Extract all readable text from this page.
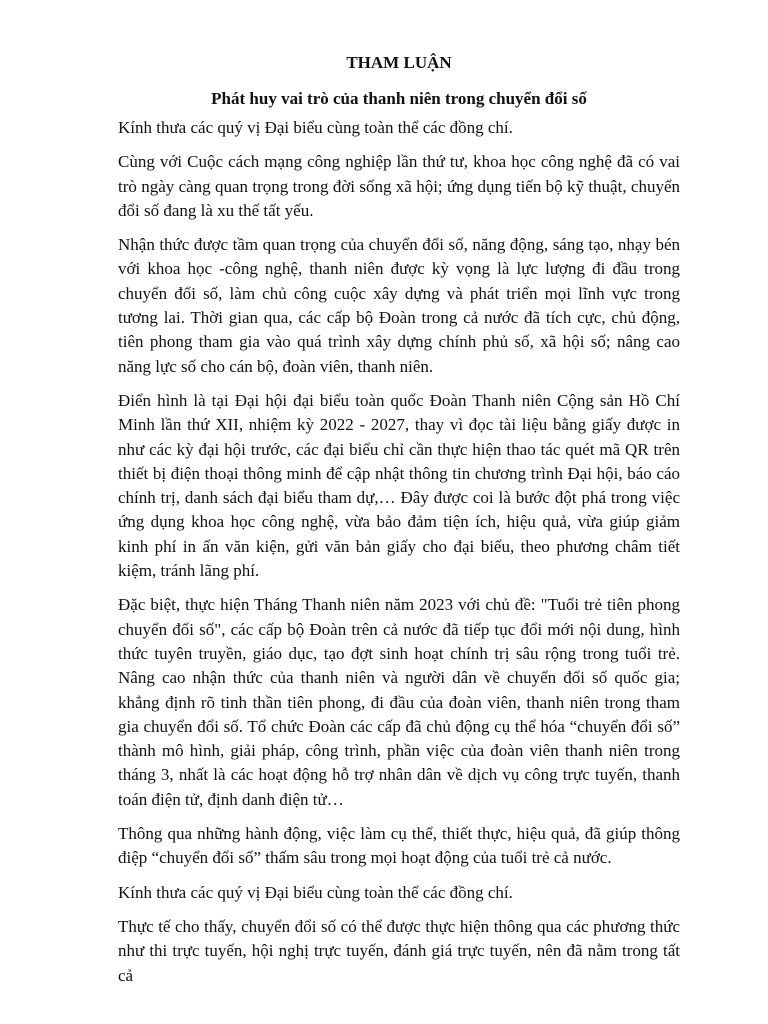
THAM LUẬN
Phát huy vai trò của thanh niên trong chuyển đổi số
Kính thưa các quý vị Đại biểu cùng toàn thể các đồng chí.
Cùng với Cuộc cách mạng công nghiệp lần thứ tư, khoa học công nghệ đã có vai trò ngày càng quan trọng trong đời sống xã hội; ứng dụng tiến bộ kỹ thuật, chuyển đổi số đang là xu thế tất yếu.
Nhận thức được tầm quan trọng của chuyển đổi số, năng động, sáng tạo, nhạy bén với khoa học -công nghệ, thanh niên được kỳ vọng là lực lượng đi đầu trong chuyển đổi số, làm chủ công cuộc xây dựng và phát triển mọi lĩnh vực trong tương lai. Thời gian qua, các cấp bộ Đoàn trong cả nước đã tích cực, chủ động, tiên phong tham gia vào quá trình xây dựng chính phủ số, xã hội số; nâng cao năng lực số cho cán bộ, đoàn viên, thanh niên.
Điển hình là tại Đại hội đại biểu toàn quốc Đoàn Thanh niên Cộng sản Hồ Chí Minh lần thứ XII, nhiệm kỳ 2022 - 2027, thay vì đọc tài liệu bằng giấy được in như các kỳ đại hội trước, các đại biểu chỉ cần thực hiện thao tác quét mã QR trên thiết bị điện thoại thông minh để cập nhật thông tin chương trình Đại hội, báo cáo chính trị, danh sách đại biểu tham dự,… Đây được coi là bước đột phá trong việc ứng dụng khoa học công nghệ, vừa bảo đảm tiện ích, hiệu quả, vừa giúp giảm kinh phí in ấn văn kiện, gửi văn bản giấy cho đại biểu, theo phương châm tiết kiệm, tránh lãng phí.
Đặc biệt, thực hiện Tháng Thanh niên năm 2023 với chủ đề: "Tuổi trẻ tiên phong chuyển đổi số", các cấp bộ Đoàn trên cả nước đã tiếp tục đổi mới nội dung, hình thức tuyên truyền, giáo dục, tạo đợt sinh hoạt chính trị sâu rộng trong tuổi trẻ. Nâng cao nhận thức của thanh niên và người dân về chuyển đổi số quốc gia; khẳng định rõ tinh thần tiên phong, đi đầu của đoàn viên, thanh niên trong tham gia chuyển đổi số. Tổ chức Đoàn các cấp đã chủ động cụ thể hóa “chuyển đổi số” thành mô hình, giải pháp, công trình, phần việc của đoàn viên thanh niên trong tháng 3, nhất là các hoạt động hỗ trợ nhân dân về dịch vụ công trực tuyến, thanh toán điện tử, định danh điện tử…
Thông qua những hành động, việc làm cụ thể, thiết thực, hiệu quả, đã giúp thông điệp “chuyển đổi số” thấm sâu trong mọi hoạt động của tuổi trẻ cả nước.
Kính thưa các quý vị Đại biểu cùng toàn thể các đồng chí.
Thực tế cho thấy, chuyển đổi số có thể được thực hiện thông qua các phương thức như thi trực tuyến, hội nghị trực tuyến, đánh giá trực tuyến, nên đã nằm trong tất cả
